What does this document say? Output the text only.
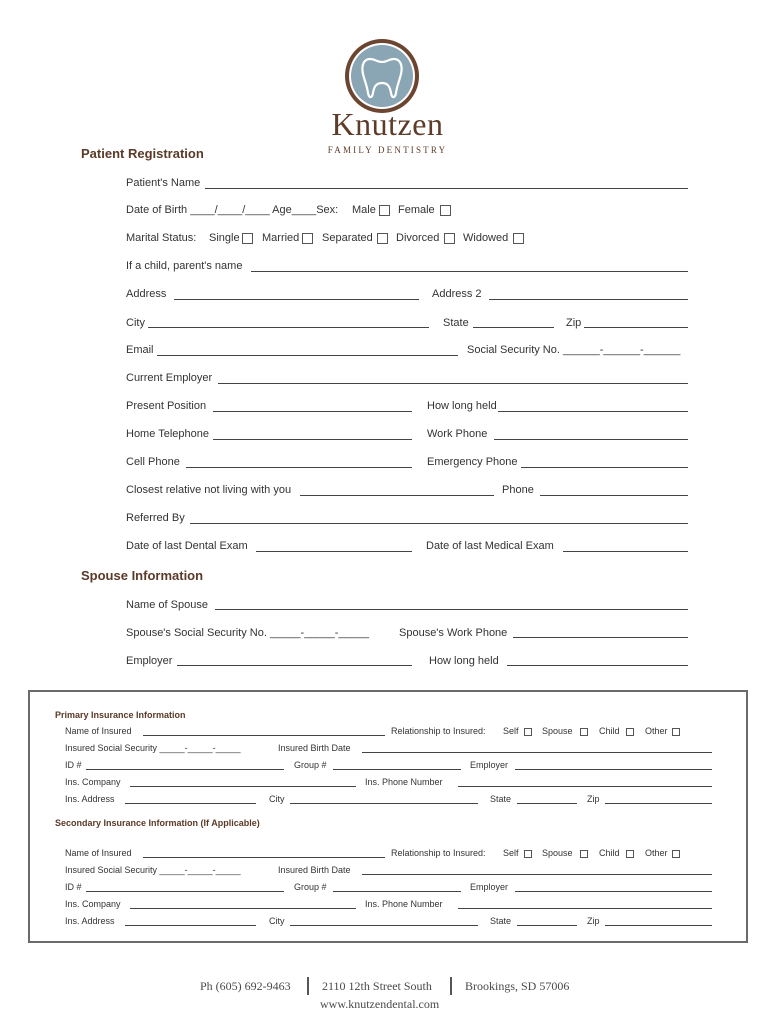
Knutzen
FAMILY DENTISTRY
Patient Registration
Patient's Name
Date of Birth ____/____/____ Age____Sex: Male Female
Marital Status: Single Married Separated Divorced Widowed
If a child, parent's name
Address	Address 2
City	State	Zip
Email	Social Security No. ______-______-______
Current Employer
Present Position	How long held
Home Telephone	Work Phone
Cell Phone	Emergency Phone
Closest relative not living with you	Phone
Referred By
Date of last Dental Exam	Date of last Medical Exam
Spouse Information
Name of Spouse
Spouse's Social Security No. _____-_____-_____	Spouse's Work Phone
Employer	How long held
Primary Insurance Information
Name of Insured	Relationship to Insured: Self	Spouse	Child	Other
Insured Social Security _____-_____-_____	Insured Birth Date
ID #	Group #	Employer
Ins. Company	Ins. Phone Number
Ins. Address	City	State	Zip
Secondary Insurance Information (If Applicable)
Name of Insured	Relationship to Insured: Self	Spouse	Child	Other
Insured Social Security _____-_____-_____	Insured Birth Date
ID #	Group #	Employer
Ins. Company	Ins. Phone Number
Ins. Address	City	State	Zip
Ph (605) 692-9463	2110 12th Street South	Brookings, SD 57006
www.knutzendental.com
